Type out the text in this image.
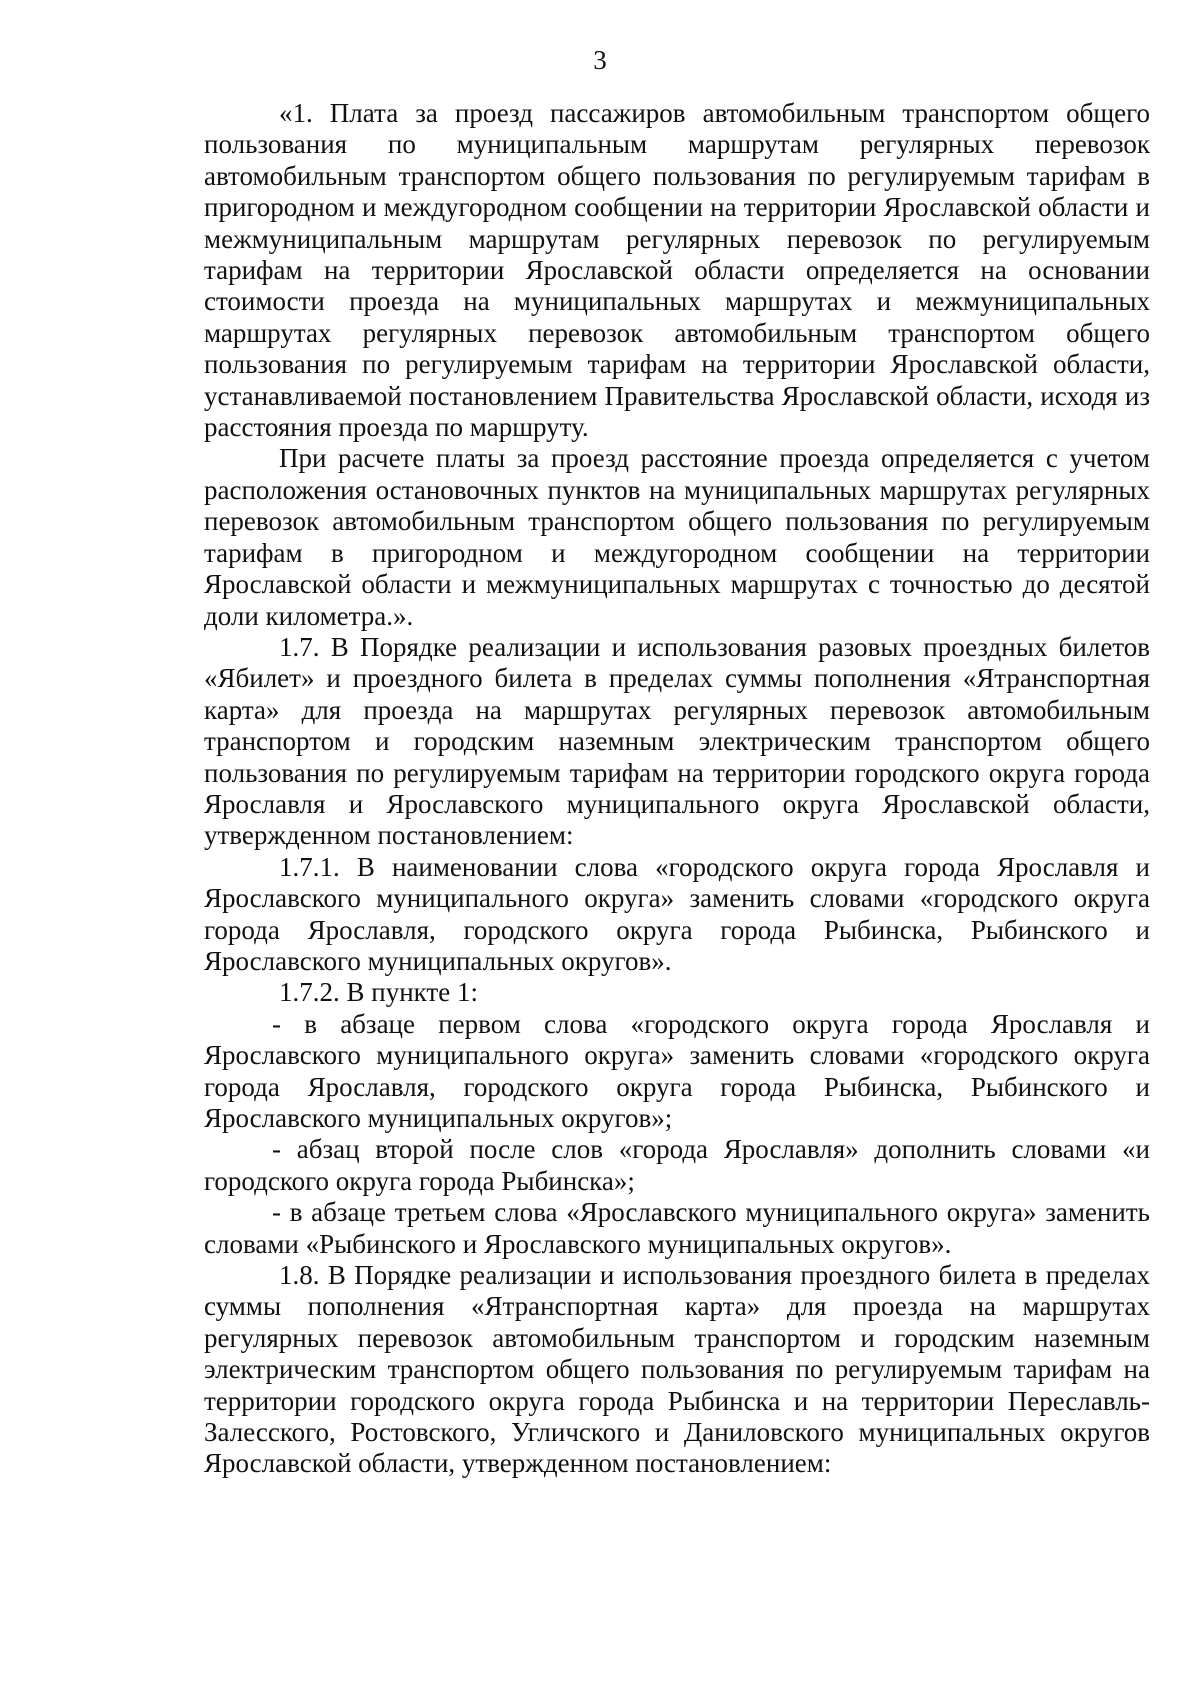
3

«1. Плата за проезд пассажиров автомобильным транспортом общего пользования по муниципальным маршрутам регулярных перевозок автомобильным транспортом общего пользования по регулируемым тарифам в пригородном и междугородном сообщении на территории Ярославской области и межмуниципальным маршрутам регулярных перевозок по регулируемым тарифам на территории Ярославской области определяется на основании стоимости проезда на муниципальных маршрутах и межмуниципальных маршрутах регулярных перевозок автомобильным транспортом общего пользования по регулируемым тарифам на территории Ярославской области, устанавливаемой постановлением Правительства Ярославской области, исходя из расстояния проезда по маршруту.

При расчете платы за проезд расстояние проезда определяется с учетом расположения остановочных пунктов на муниципальных маршрутах регулярных перевозок автомобильным транспортом общего пользования по регулируемым тарифам в пригородном и междугородном сообщении на территории Ярославской области и межмуниципальных маршрутах с точностью до десятой доли километра.».

1.7. В Порядке реализации и использования разовых проездных билетов «Ябилет» и проездного билета в пределах суммы пополнения «Ятранспортная карта» для проезда на маршрутах регулярных перевозок автомобильным транспортом и городским наземным электрическим транспортом общего пользования по регулируемым тарифам на территории городского округа города Ярославля и Ярославского муниципального округа Ярославской области, утвержденном постановлением:

1.7.1. В наименовании слова «городского округа города Ярославля и Ярославского муниципального округа» заменить словами «городского округа города Ярославля, городского округа города Рыбинска, Рыбинского и Ярославского муниципальных округов».

1.7.2. В пункте 1:

- в абзаце первом слова «городского округа города Ярославля и Ярославского муниципального округа» заменить словами «городского округа города Ярославля, городского округа города Рыбинска, Рыбинского и Ярославского муниципальных округов»;

- абзац второй после слов «города Ярославля» дополнить словами «и городского округа города Рыбинска»;

- в абзаце третьем слова «Ярославского муниципального округа» заменить словами «Рыбинского и Ярославского муниципальных округов».

1.8. В Порядке реализации и использования проездного билета в пределах суммы пополнения «Ятранспортная карта» для проезда на маршрутах регулярных перевозок автомобильным транспортом и городским наземным электрическим транспортом общего пользования по регулируемым тарифам на территории городского округа города Рыбинска и на территории Переславль-Залесского, Ростовского, Угличского и Даниловского муниципальных округов Ярославской области, утвержденном постановлением:
